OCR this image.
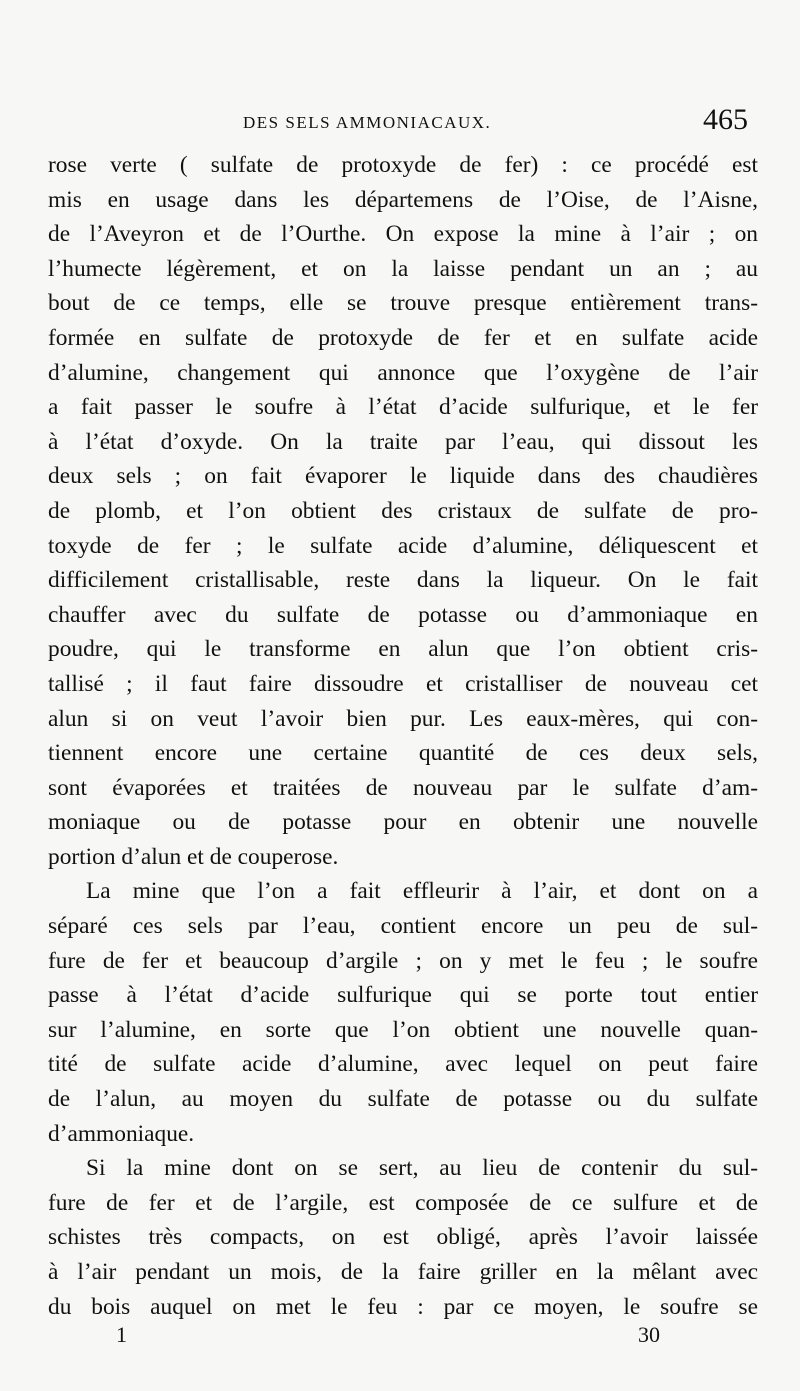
DES SELS AMMONIACAUX.	465
rose verte ( sulfate de protoxyde de fer) : ce procédé est
mis en usage dans les départemens de l’Oise, de l’Aisne,
de l’Aveyron et de l’Ourthe. On expose la mine à l’air ; on
l’humecte légèrement, et on la laisse pendant un an ; au
bout de ce temps, elle se trouve presque entièrement trans-
formée en sulfate de protoxyde de fer et en sulfate acide
d’alumine, changement qui annonce que l’oxygène de l’air
a fait passer le soufre à l’état d’acide sulfurique, et le fer
à l’état d’oxyde. On la traite par l’eau, qui dissout les
deux sels ; on fait évaporer le liquide dans des chaudières
de plomb, et l’on obtient des cristaux de sulfate de pro-
toxyde de fer ; le sulfate acide d’alumine, déliquescent et
difficilement cristallisable, reste dans la liqueur. On le fait
chauffer avec du sulfate de potasse ou d’ammoniaque en
poudre, qui le transforme en alun que l’on obtient cris-
tallisé ; il faut faire dissoudre et cristalliser de nouveau cet
alun si on veut l’avoir bien pur. Les eaux-mères, qui con-
tiennent encore une certaine quantité de ces deux sels,
sont évaporées et traitées de nouveau par le sulfate d’am-
moniaque ou de potasse pour en obtenir une nouvelle
portion d’alun et de couperose.
La mine que l’on a fait effleurir à l’air, et dont on a
séparé ces sels par l’eau, contient encore un peu de sul-
fure de fer et beaucoup d’argile ; on y met le feu ; le soufre
passe à l’état d’acide sulfurique qui se porte tout entier
sur l’alumine, en sorte que l’on obtient une nouvelle quan-
tité de sulfate acide d’alumine, avec lequel on peut faire
de l’alun, au moyen du sulfate de potasse ou du sulfate
d’ammoniaque.
Si la mine dont on se sert, au lieu de contenir du sul-
fure de fer et de l’argile, est composée de ce sulfure et de
schistes très compacts, on est obligé, après l’avoir laissée
à l’air pendant un mois, de la faire griller en la mêlant avec
du bois auquel on met le feu : par ce moyen, le soufre se
1	30
